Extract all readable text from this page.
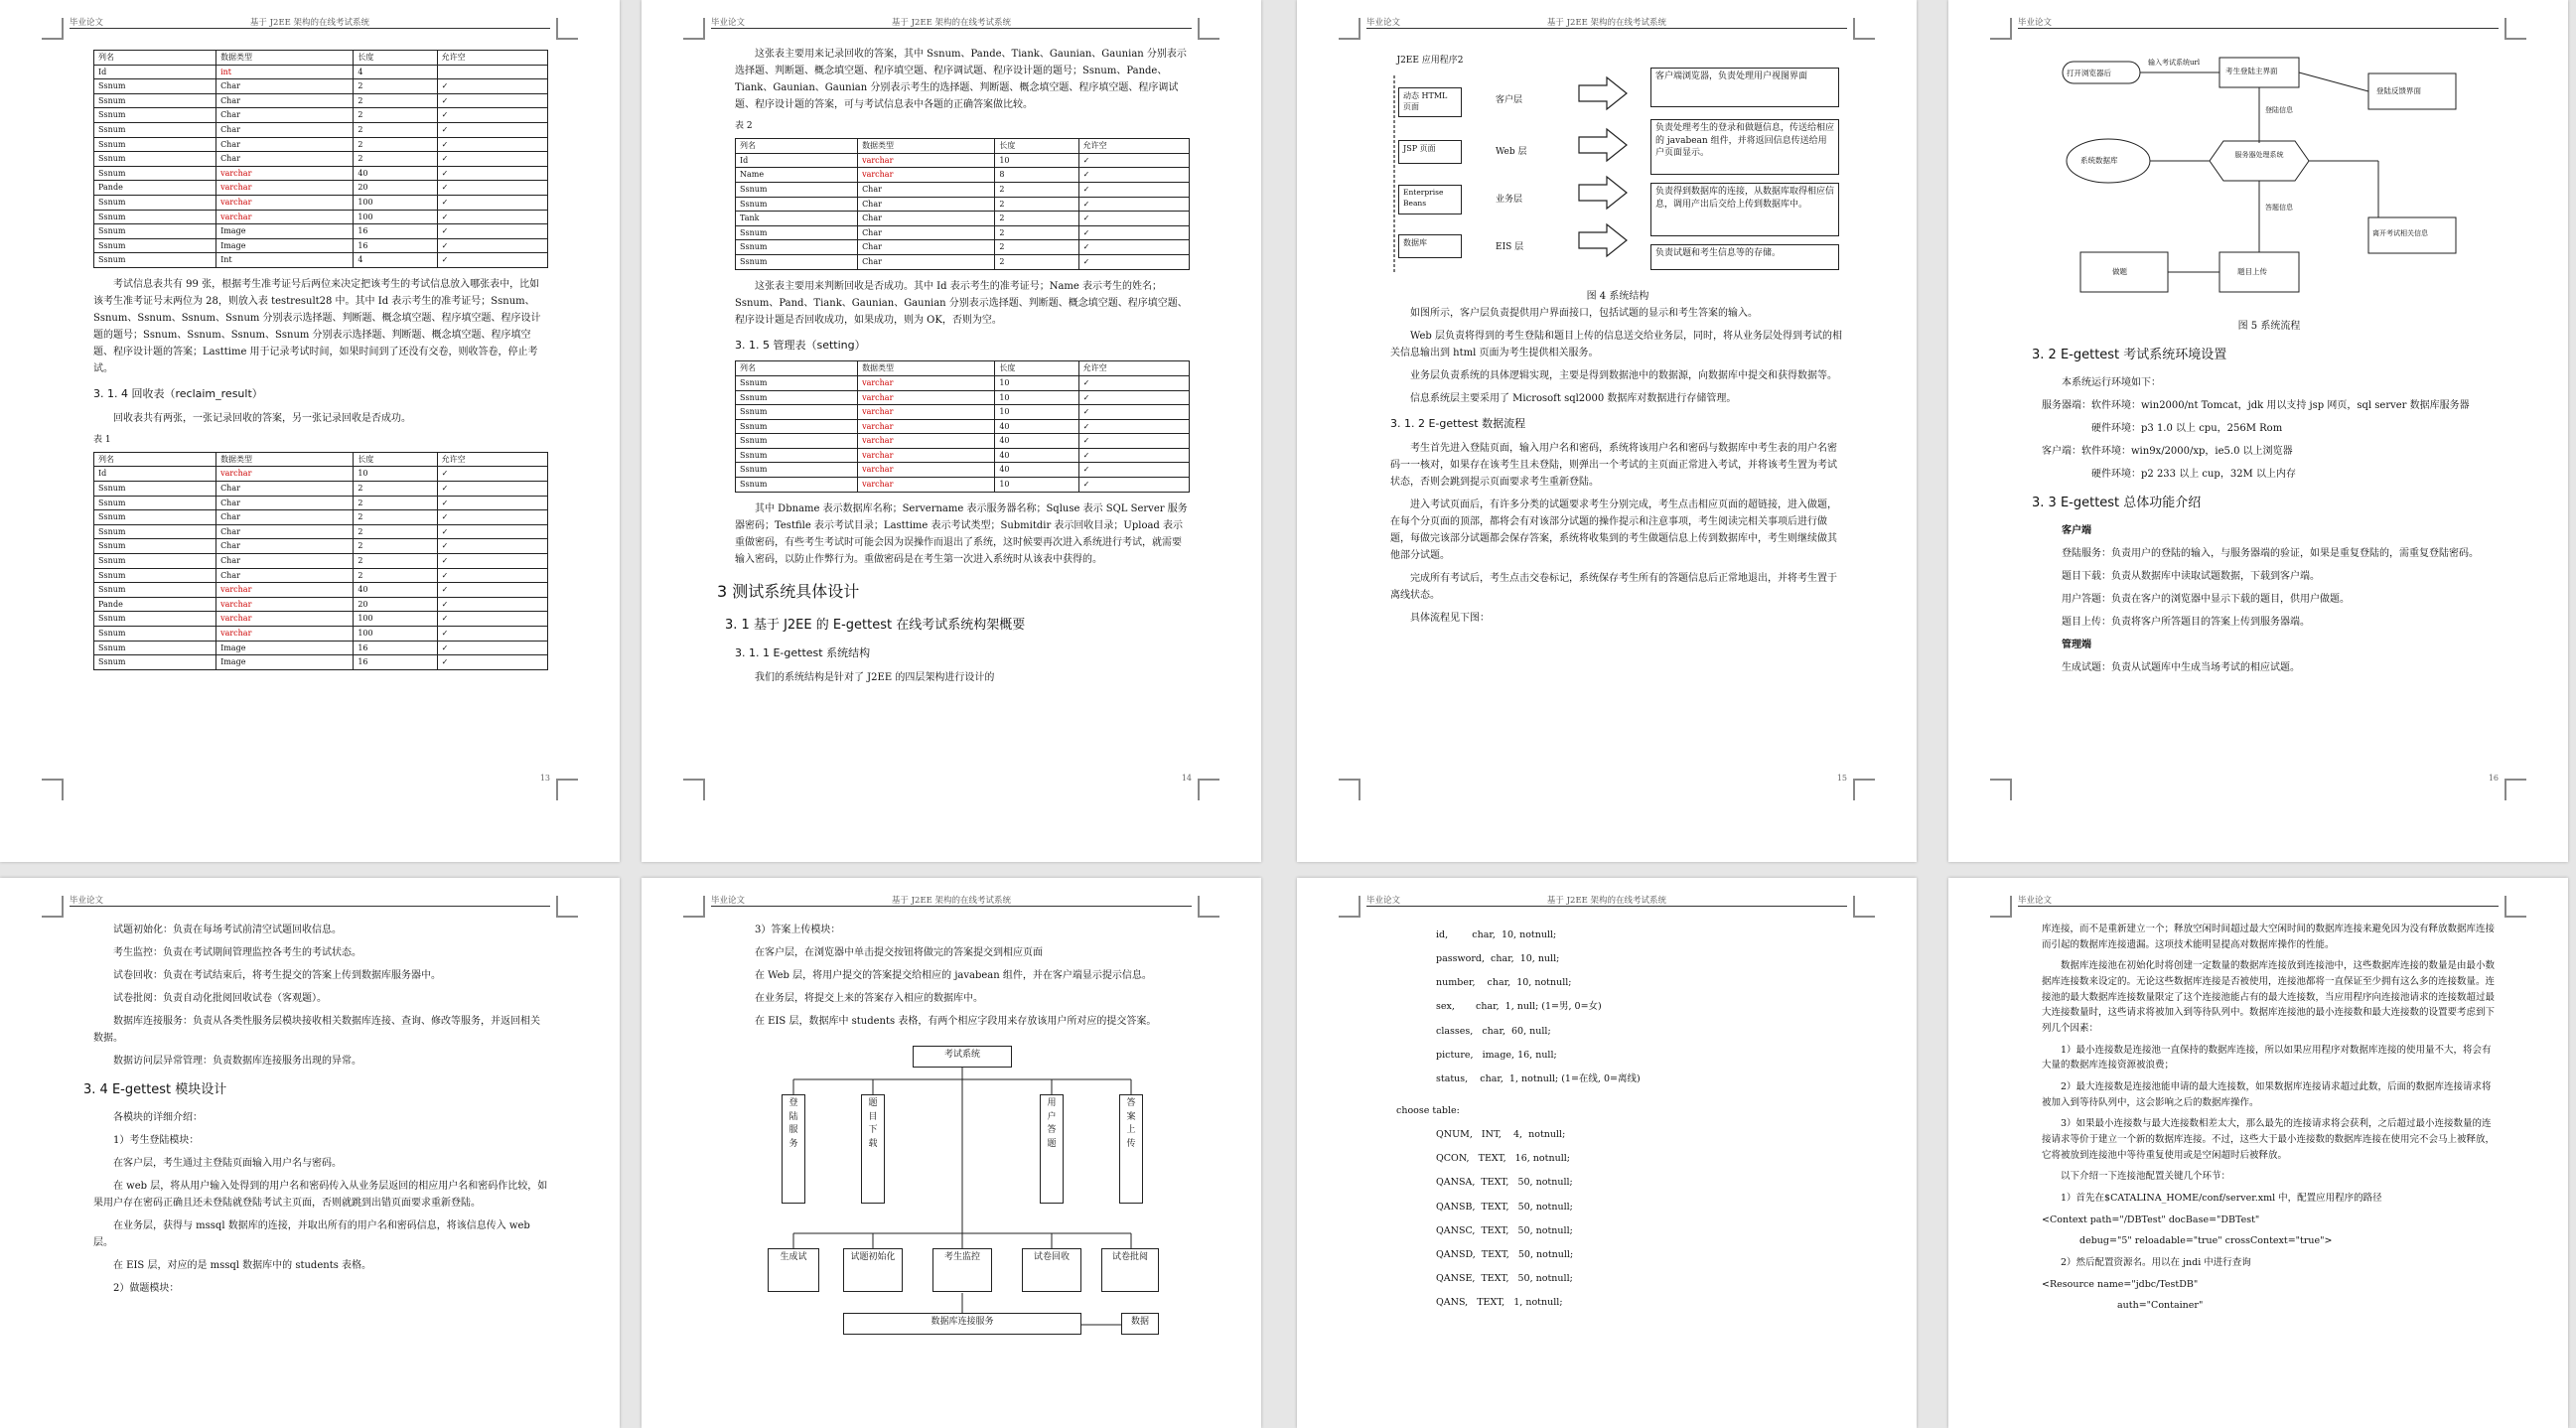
毕业论文	基于 J2EE 架构的在线考试系统
列名	数据类型	长度	允许空
Id	int	4	
Ssnum	Char	2	✓
Ssnum	Char	2	✓
Ssnum	Char	2	✓
Ssnum	Char	2	✓
Ssnum	Char	2	✓
Ssnum	Char	2	✓
Ssnum	varchar	40	✓
Pande	varchar	20	✓
Ssnum	varchar	100	✓
Ssnum	varchar	100	✓
Ssnum	Image	16	✓
Ssnum	Image	16	✓
Ssnum	Int	4	✓

考试信息表共有 99 张，根据考生准考证号后两位来决定把该考生的考试信息放入哪张表中，比如该考生准考证号末两位为 28，则放入表 testresult28 中。其中 Id 表示考生的准考证号；Ssnum、Ssnum、Ssnum、Ssnum、Ssnum 分别表示选择题、判断题、概念填空题、程序填空题、程序设计题的题号；Ssnum、Ssnum、Ssnum、Ssnum 分别表示选择题、判断题、概念填空题、程序填空题、程序设计题的答案；Lasttime 用于记录考试时间，如果时间到了还没有交卷，则收答卷，停止考试。

3. 1. 4 回收表（reclaim_result）

回收表共有两张，一张记录回收的答案，另一张记录回收是否成功。

表 1
列名	数据类型	长度	允许空
Id	varchar	10	✓
Ssnum	Char	2	✓
Ssnum	Char	2	✓
Ssnum	Char	2	✓
Ssnum	Char	2	✓
Ssnum	Char	2	✓
Ssnum	Char	2	✓
Ssnum	Char	2	✓
Ssnum	varchar	40	✓
Pande	varchar	20	✓
Ssnum	varchar	100	✓
Ssnum	varchar	100	✓
Ssnum	Image	16	✓
Ssnum	Image	16	✓
13
毕业论文	基于 J2EE 架构的在线考试系统

这张表主要用来记录回收的答案，其中 Ssnum、Pande、Tiank、Gaunian、Gaunian 分别表示选择题、判断题、概念填空题、程序填空题、程序调试题、程序设计题的题号；Ssnum、Pande、Tiank、Gaunian、Gaunian 分别表示考生的选择题、判断题、概念填空题、程序填空题、程序调试题、程序设计题的答案，可与考试信息表中各题的正确答案做比较。

表 2
列名	数据类型	长度	允许空
Id	varchar	10	✓
Name	varchar	8	✓
Ssnum	Char	2	✓
Ssnum	Char	2	✓
Tank	Char	2	✓
Ssnum	Char	2	✓
Ssnum	Char	2	✓
Ssnum	Char	2	✓

这张表主要用来判断回收是否成功。其中 Id 表示考生的准考证号；Name 表示考生的姓名；Ssnum、Pand、Tiank、Gaunian、Gaunian 分别表示选择题、判断题、概念填空题、程序填空题、程序设计题是否回收成功，如果成功，则为 OK，否则为空。

3. 1. 5 管理表（setting）
列名	数据类型	长度	允许空
Ssnum	varchar	10	✓
Ssnum	varchar	10	✓
Ssnum	varchar	10	✓
Ssnum	varchar	40	✓
Ssnum	varchar	40	✓
Ssnum	varchar	40	✓
Ssnum	varchar	40	✓
Ssnum	varchar	10	✓

其中 Dbname 表示数据库名称；Servername 表示服务器名称；Sqluse 表示 SQL Server 服务器密码；Testfile 表示考试目录；Lasttime 表示考试类型；Submitdir 表示回收目录；Upload 表示重做密码，有些考生考试时可能会因为误操作而退出了系统，这时候要再次进入系统进行考试，就需要输入密码，以防止作弊行为。重做密码是在考生第一次进入系统时从该表中获得的。

3 测试系统具体设计
3. 1 基于 J2EE 的 E-gettest 在线考试系统构架概要
3. 1. 1 E-gettest 系统结构

我们的系统结构是针对了 J2EE 的四层架构进行设计的

14
毕业论文	基于 J2EE 架构的在线考试系统
J2EE 应用程序2
动态 HTML 页面
JSP 页面
Enterprise Beans
数据库
客户层
Web 层
业务层
EIS 层
客户端浏览器，负责处理用户视图界面
负责处理考生的登录和做题信息，传送给相应的 javabean 组件，并将返回信息传送给用户页面显示。
负责得到数据库的连接，从数据库取得相应信息，调用产出后交给上传到数据库中。
负责试题和考生信息等的存储。
图 4 系统结构

如图所示，客户层负责提供用户界面接口，包括试题的显示和考生答案的输入。

Web 层负责将得到的考生登陆和题目上传的信息送交给业务层，同时，将从业务层处得到考试的相关信息输出到 html 页面为考生提供相关服务。

业务层负责系统的具体逻辑实现，主要是得到数据池中的数据源，向数据库中提交和获得数据等。

信息系统层主要采用了 Microsoft sql2000 数据库对数据进行存储管理。

3. 1. 2 E-gettest 数据流程

考生首先进入登陆页面，输入用户名和密码，系统将该用户名和密码与数据库中考生表的用户名密码一一核对，如果存在该考生且未登陆，则弹出一个考试的主页面正常进入考试，并将该考生置为考试状态，否则会跳到提示页面要求考生重新登陆。

进入考试页面后，有许多分类的试题要求考生分别完成，考生点击相应页面的超链接，进入做题，在每个分页面的顶部，都将会有对该部分试题的操作提示和注意事项，考生阅读完相关事项后进行做题，每做完该部分试题都会保存答案，系统将收集到的考生做题信息上传到数据库中，考生则继续做其他部分试题。

完成所有考试后，考生点击交卷标记，系统保存考生所有的答题信息后正常地退出，并将考生置于离线状态。

具体流程见下图：

15
毕业论文
打开浏览器后
输入考试系统url
考生登陆主界面
登陆反馈界面
登陆信息
系统数据库
服务器处理系统
答题信息
离开考试相关信息
做题	题目上传
图 5 系统流程
3. 2 E-gettest 考试系统环境设置

本系统运行环境如下：

服务器端：软件环境：win2000/nt Tomcat，jdk 用以支持 jsp 网页，sql server 数据库服务器

硬件环境：p3 1.0 以上 cpu，256M Rom

客户端：软件环境：win9x/2000/xp，ie5.0 以上浏览器

硬件环境：p2 233 以上 cup，32M 以上内存

3. 3 E-gettest 总体功能介绍

客户端

登陆服务：负责用户的登陆的输入，与服务器端的验证，如果是重复登陆的，需重复登陆密码。

题目下载：负责从数据库中读取试题数据，下载到客户端。

用户答题：负责在客户的浏览器中显示下载的题目，供用户做题。

题目上传：负责将客户所答题目的答案上传到服务器端。

管理端

生成试题：负责从试题库中生成当场考试的相应试题。

16
毕业论文

试题初始化：负责在每场考试前清空试题回收信息。

考生监控：负责在考试期间管理监控各考生的考试状态。

试卷回收：负责在考试结束后，将考生提交的答案上传到数据库服务器中。

试卷批阅：负责自动化批阅回收试卷（客观题）。

数据库连接服务：负责从各类性服务层模块接收相关数据库连接、查询、修改等服务，并返回相关数据。

数据访问层异常管理：负责数据库连接服务出现的异常。

3. 4 E-gettest 模块设计

各模块的详细介绍：

1）考生登陆模块：

在客户层，考生通过主登陆页面输入用户名与密码。

在 web 层，将从用户输入处得到的用户名和密码传入从业务层返回的相应用户名和密码作比较，如果用户存在密码正确且还未登陆就登陆考试主页面，否则就跳到出错页面要求重新登陆。

在业务层，获得与 mssql 数据库的连接，并取出所有的用户名和密码信息，将该信息传入 web 层。

在 EIS 层，对应的是 mssql 数据库中的 students 表格。

2）做题模块：

毕业论文	基于 J2EE 架构的在线考试系统

3）答案上传模块：

在客户层，在浏览器中单击提交按钮将做完的答案提交到相应页面

在 Web 层，将用户提交的答案提交给相应的 javabean 组件，并在客户端显示提示信息。

在业务层，将提交上来的答案存入相应的数据库中。

在 EIS 层，数据库中 students 表格，有两个相应字段用来存放该用户所对应的提交答案。

考试系统
登陆服务
题目下载
用户答题
答案上传
生成试	试题初始化	考生监控	试卷回收	试卷批阅
数据库连接服务	数据
毕业论文	基于 J2EE 架构的在线考试系统

id,        char,  10, notnull;

password,  char,  10, null;

number,    char,  10, notnull;

sex,       char,  1, null; (1=男, 0=女)

classes,   char,  60, null;

picture,   image, 16, null;

status,    char,  1, notnull; (1=在线, 0=离线)

choose table:

QNUM,   INT,    4,  notnull;

QCON,   TEXT,   16, notnull;

QANSA,  TEXT,   50, notnull;

QANSB,  TEXT,   50, notnull;

QANSC,  TEXT,   50, notnull;

QANSD,  TEXT,   50, notnull;

QANSE,  TEXT,   50, notnull;

QANS,   TEXT,   1, notnull;

毕业论文

库连接，而不是重新建立一个；释放空闲时间超过最大空闲时间的数据库连接来避免因为没有释放数据库连接而引起的数据库连接遗漏。这项技术能明显提高对数据库操作的性能。

数据库连接池在初始化时将创建一定数量的数据库连接放到连接池中，这些数据库连接的数量是由最小数据库连接数来设定的。无论这些数据库连接是否被使用，连接池都将一直保证至少拥有这么多的连接数量。连接池的最大数据库连接数量限定了这个连接池能占有的最大连接数，当应用程序向连接池请求的连接数超过最大连接数量时，这些请求将被加入到等待队列中。数据库连接池的最小连接数和最大连接数的设置要考虑到下列几个因素：

1）最小连接数是连接池一直保持的数据库连接，所以如果应用程序对数据库连接的使用量不大，将会有大量的数据库连接资源被浪费；

2）最大连接数是连接池能申请的最大连接数，如果数据库连接请求超过此数，后面的数据库连接请求将被加入到等待队列中，这会影响之后的数据库操作。

3）如果最小连接数与最大连接数相差太大，那么最先的连接请求将会获利，之后超过最小连接数量的连接请求等价于建立一个新的数据库连接。不过，这些大于最小连接数的数据库连接在使用完不会马上被释放，它将被放到连接池中等待重复使用或是空闲超时后被释放。

以下介绍一下连接池配置关键几个环节：

1）首先在$CATALINA_HOME/conf/server.xml 中，配置应用程序的路径

<Context path="/DBTest" docBase="DBTest"

debug="5" reloadable="true" crossContext="true">

2）然后配置资源名。用以在 jndi 中进行查询

<Resource name="jdbc/TestDB"

auth="Container"
